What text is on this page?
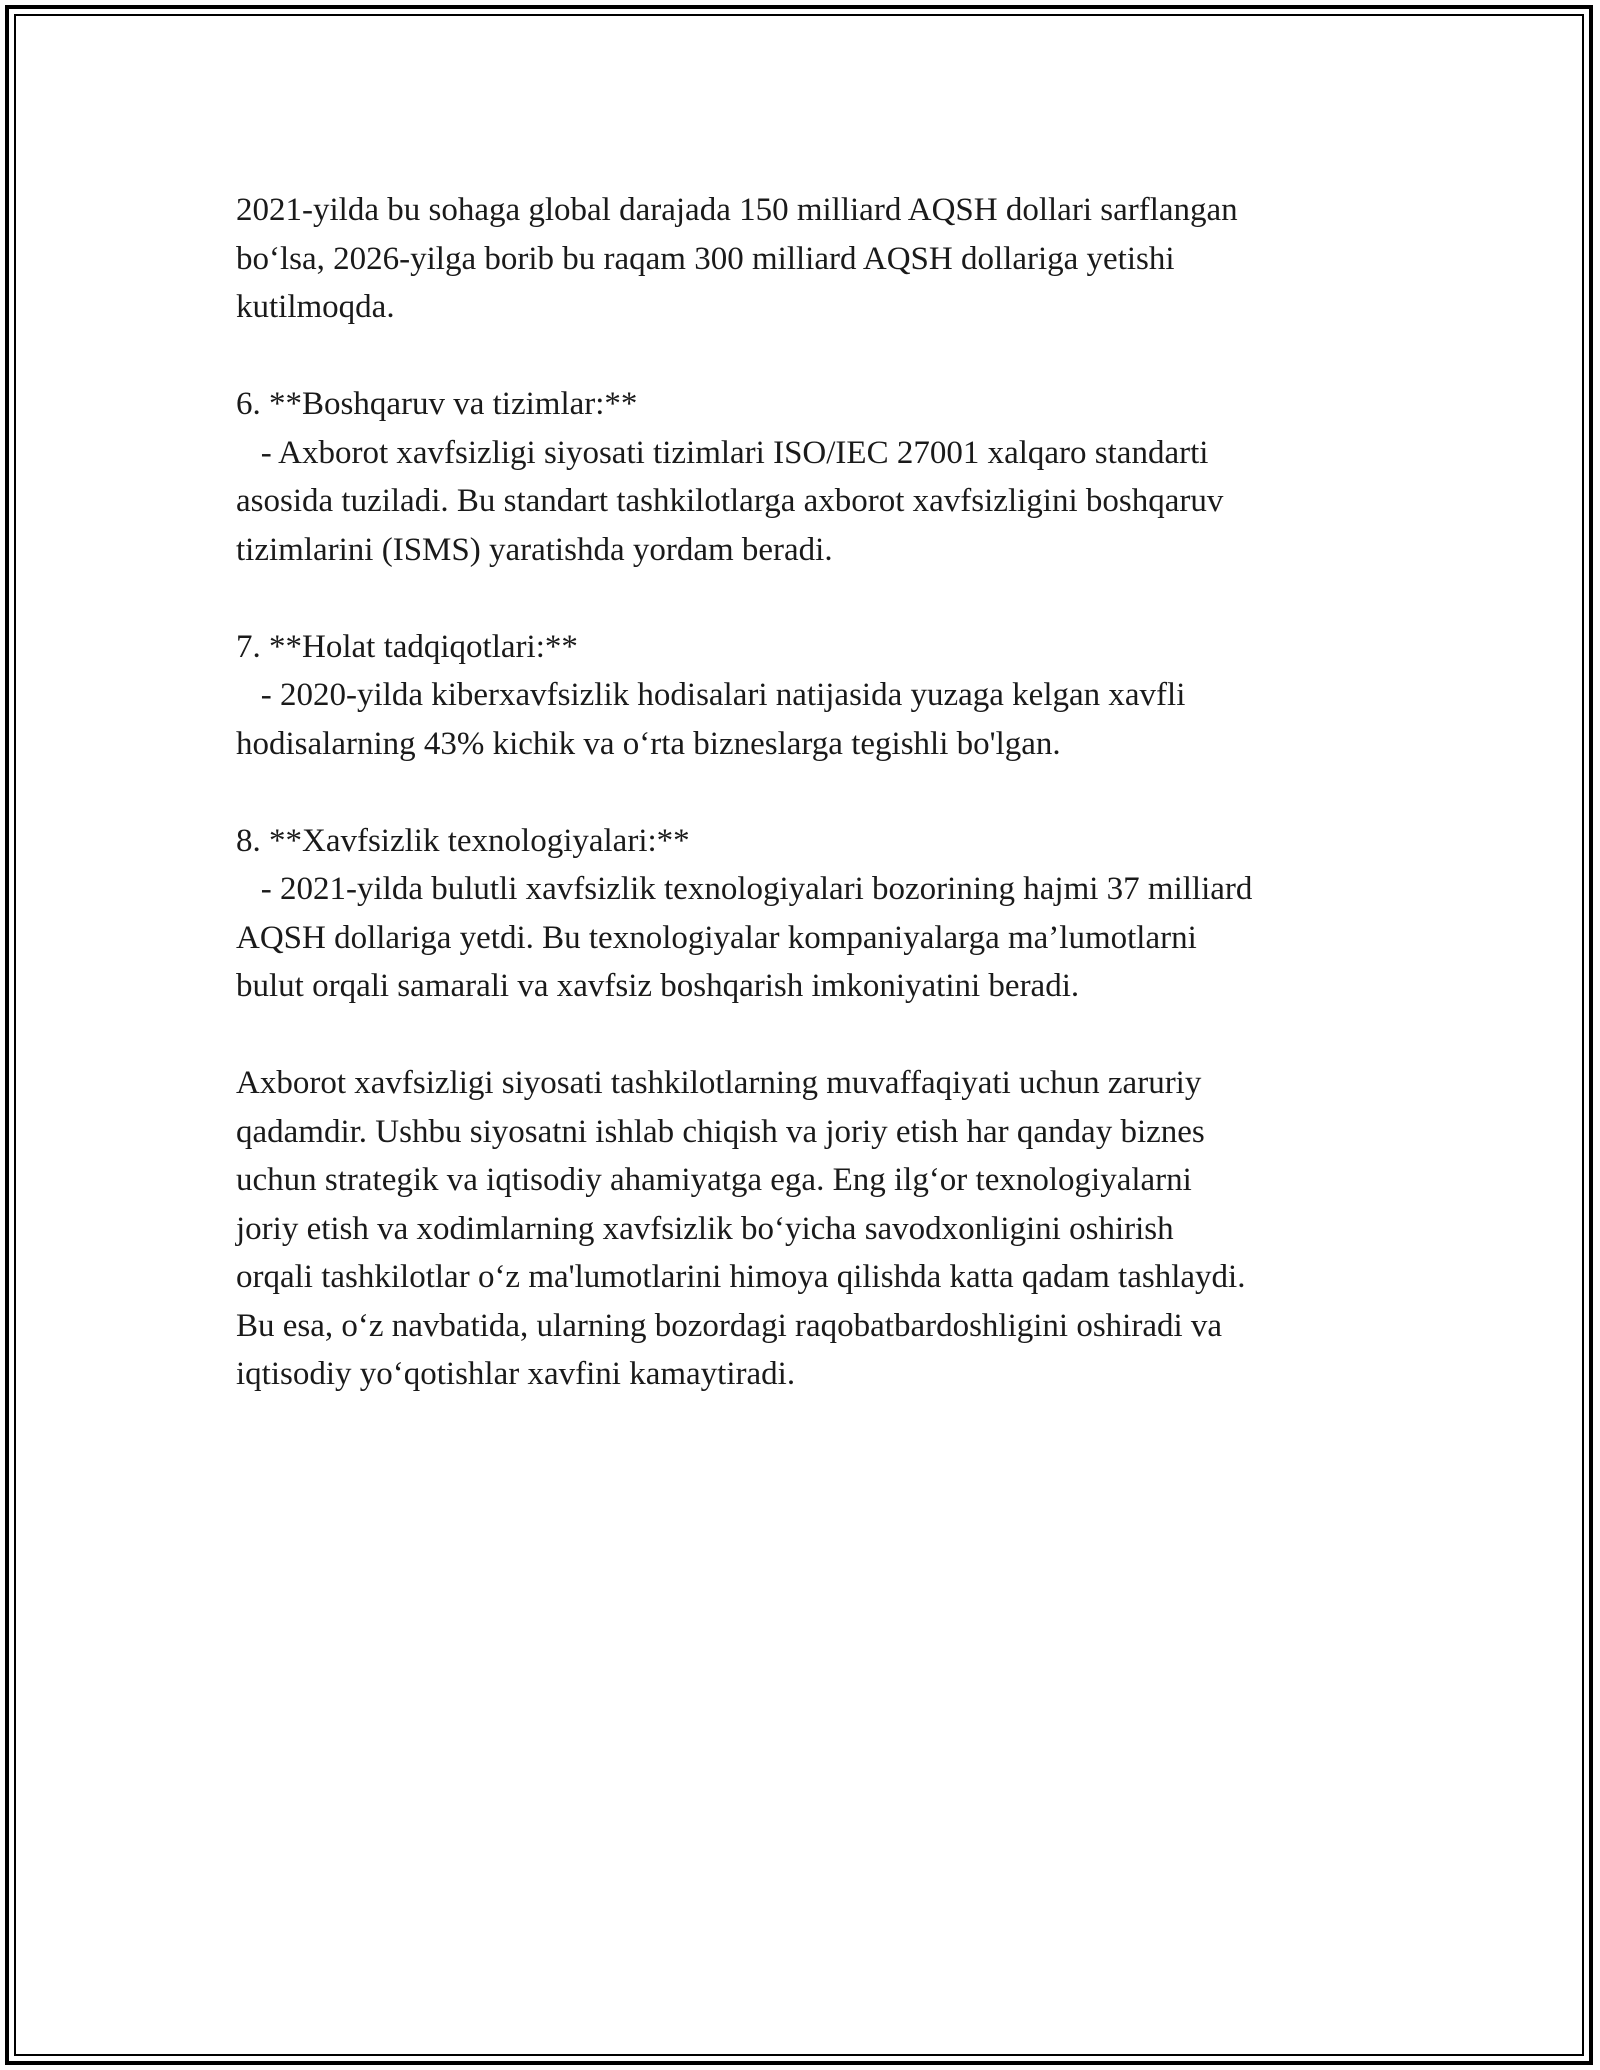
2021-yilda bu sohaga global darajada 150 milliard AQSH dollari sarflangan
bo‘lsa, 2026-yilga borib bu raqam 300 milliard AQSH dollariga yetishi
kutilmoqda.

6. **Boshqaruv va tizimlar:**
- Axborot xavfsizligi siyosati tizimlari ISO/IEC 27001 xalqaro standarti
asosida tuziladi. Bu standart tashkilotlarga axborot xavfsizligini boshqaruv
tizimlarini (ISMS) yaratishda yordam beradi.

7. **Holat tadqiqotlari:**
- 2020-yilda kiberxavfsizlik hodisalari natijasida yuzaga kelgan xavfli
hodisalarning 43% kichik va o‘rta bizneslarga tegishli bo'lgan.

8. **Xavfsizlik texnologiyalari:**
- 2021-yilda bulutli xavfsizlik texnologiyalari bozorining hajmi 37 milliard
AQSH dollariga yetdi. Bu texnologiyalar kompaniyalarga ma’lumotlarni
bulut orqali samarali va xavfsiz boshqarish imkoniyatini beradi.

Axborot xavfsizligi siyosati tashkilotlarning muvaffaqiyati uchun zaruriy
qadamdir. Ushbu siyosatni ishlab chiqish va joriy etish har qanday biznes
uchun strategik va iqtisodiy ahamiyatga ega. Eng ilg‘or texnologiyalarni
joriy etish va xodimlarning xavfsizlik bo‘yicha savodxonligini oshirish
orqali tashkilotlar o‘z ma'lumotlarini himoya qilishda katta qadam tashlaydi.
Bu esa, o‘z navbatida, ularning bozordagi raqobatbardoshligini oshiradi va
iqtisodiy yo‘qotishlar xavfini kamaytiradi.
